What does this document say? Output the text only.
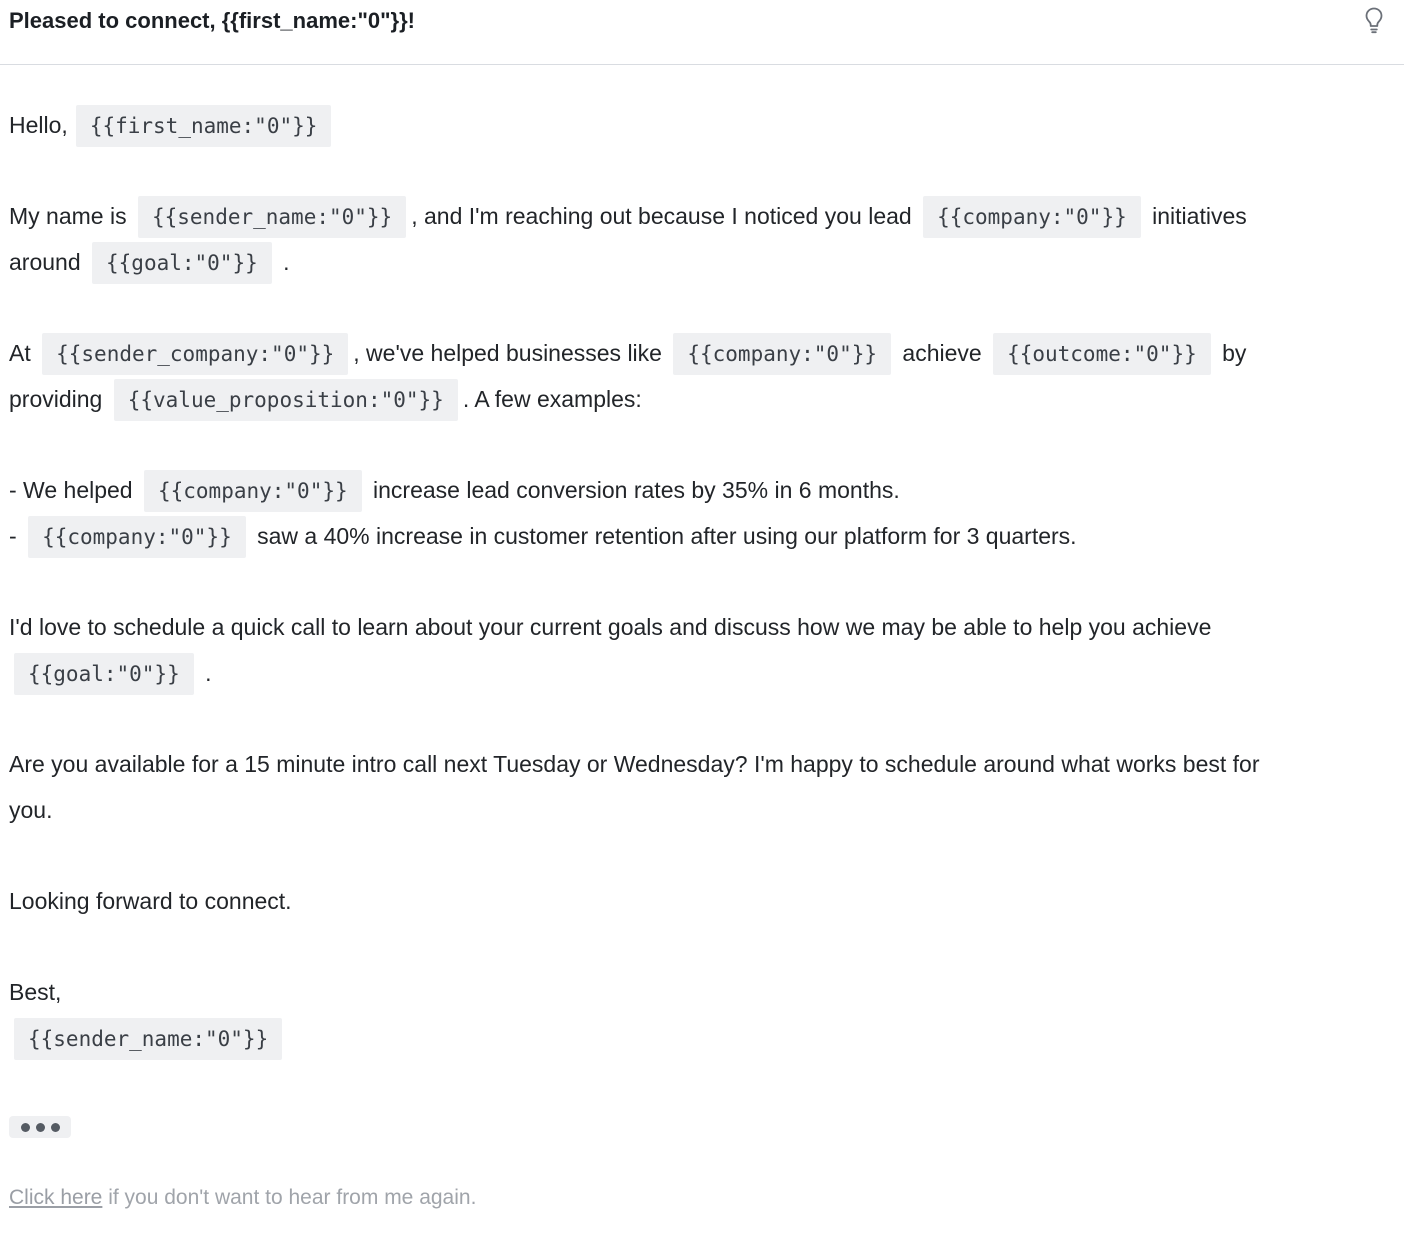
Pleased to connect, {{first_name:"0"}}!
Hello, {{first_name:"0"}}
My name is {{sender_name:"0"}} , and I'm reaching out because I noticed you lead {{company:"0"}} initiatives
around {{goal:"0"}} .
At {{sender_company:"0"}} , we've helped businesses like {{company:"0"}} achieve {{outcome:"0"}} by
providing {{value_proposition:"0"}} . A few examples:
- We helped {{company:"0"}} increase lead conversion rates by 35% in 6 months.
- {{company:"0"}} saw a 40% increase in customer retention after using our platform for 3 quarters.
I'd love to schedule a quick call to learn about your current goals and discuss how we may be able to help you achieve
{{goal:"0"}} .
Are you available for a 15 minute intro call next Tuesday or Wednesday? I'm happy to schedule around what works best for
you.
Looking forward to connect.
Best,
{{sender_name:"0"}}
Click here if you don't want to hear from me again.
